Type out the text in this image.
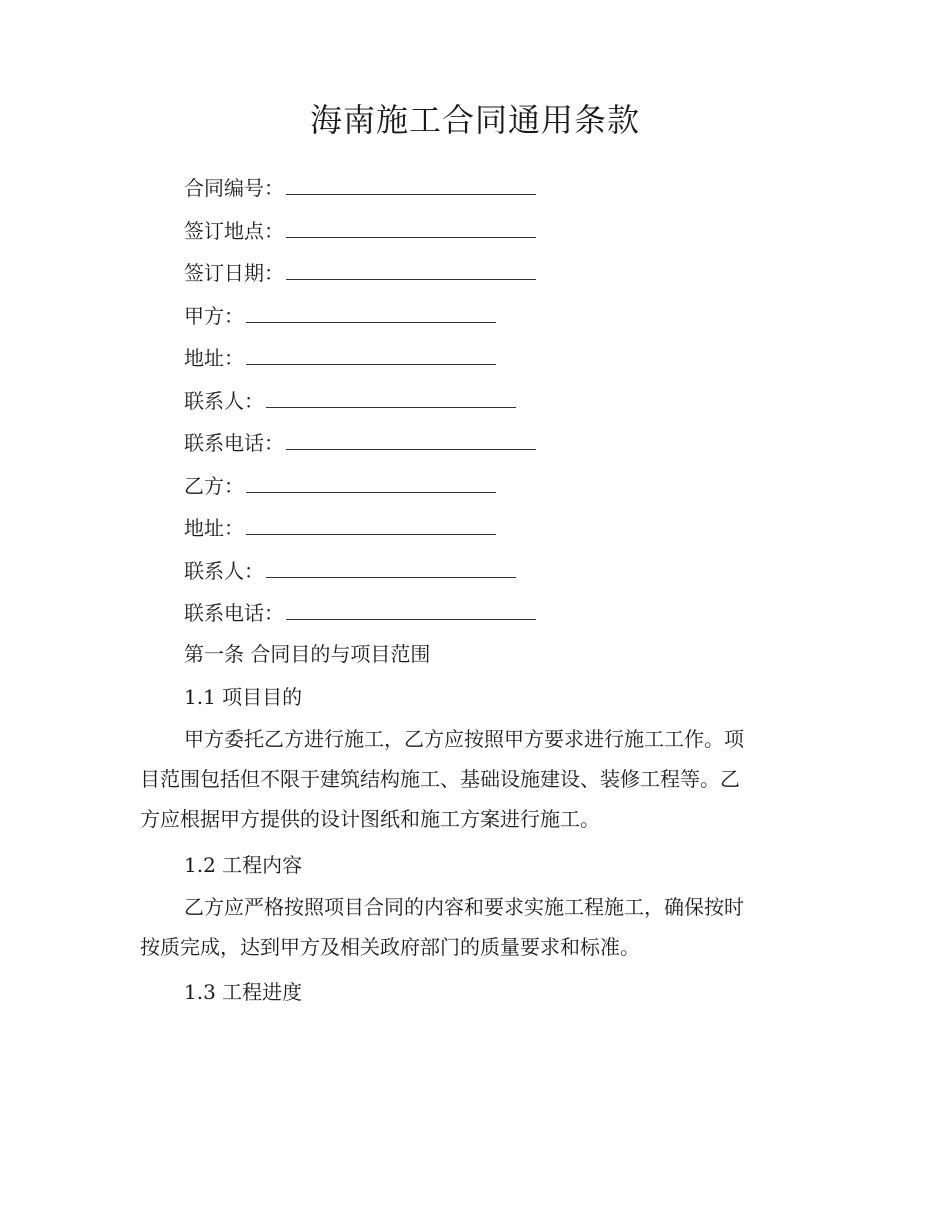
海南施工合同通用条款
合同编号：
签订地点：
签订日期：
甲方：
地址：
联系人：
联系电话：
乙方：
地址：
联系人：
联系电话：
第一条 合同目的与项目范围
1.1 项目目的
甲方委托乙方进行施工，乙方应按照甲方要求进行施工工作。项
目范围包括但不限于建筑结构施工、基础设施建设、装修工程等。乙
方应根据甲方提供的设计图纸和施工方案进行施工。
1.2 工程内容
乙方应严格按照项目合同的内容和要求实施工程施工，确保按时
按质完成，达到甲方及相关政府部门的质量要求和标准。
1.3 工程进度
